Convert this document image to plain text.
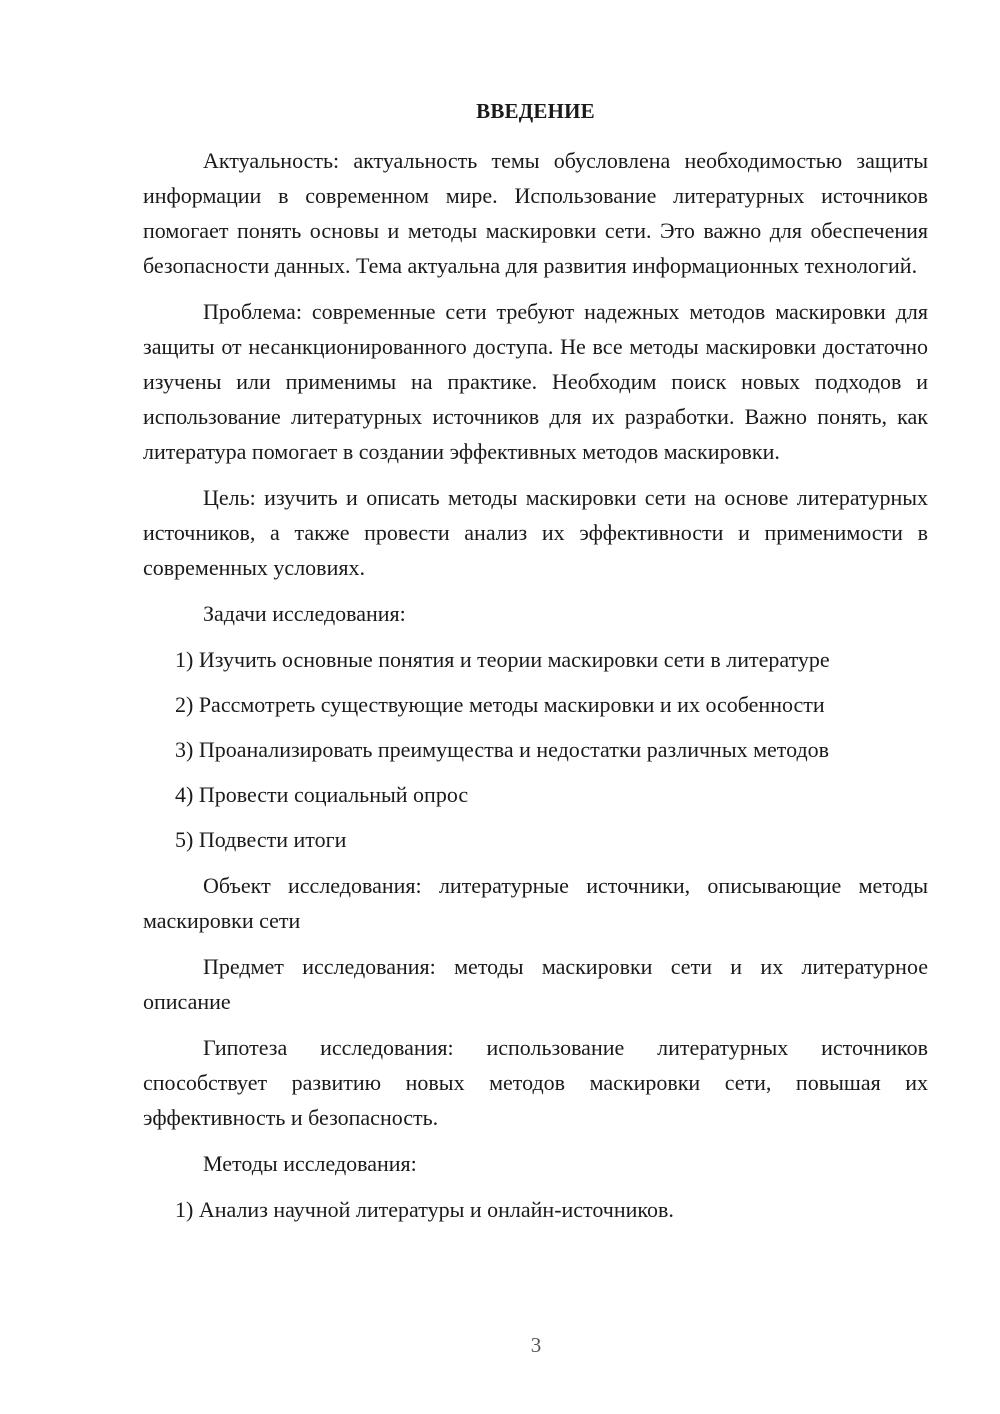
ВВЕДЕНИЕ

Актуальность: актуальность темы обусловлена необходимостью защиты информации в современном мире. Использование литературных источников помогает понять основы и методы маскировки сети. Это важно для обеспечения безопасности данных. Тема актуальна для развития информационных технологий.

Проблема: современные сети требуют надежных методов маскировки для защиты от несанкционированного доступа. Не все методы маскировки достаточно изучены или применимы на практике. Необходим поиск новых подходов и использование литературных источников для их разработки. Важно понять, как литература помогает в создании эффективных методов маскировки.

Цель: изучить и описать методы маскировки сети на основе литературных источников, а также провести анализ их эффективности и применимости в современных условиях.

Задачи исследования:

1) Изучить основные понятия и теории маскировки сети в литературе
2) Рассмотреть существующие методы маскировки и их особенности
3) Проанализировать преимущества и недостатки различных методов
4) Провести социальный опрос
5) Подвести итоги

Объект исследования: литературные источники, описывающие методы маскировки сети

Предмет исследования: методы маскировки сети и их литературное описание

Гипотеза исследования: использование литературных источников способствует развитию новых методов маскировки сети, повышая их эффективность и безопасность.

Методы исследования:

1) Анализ научной литературы и онлайн-источников.
3
